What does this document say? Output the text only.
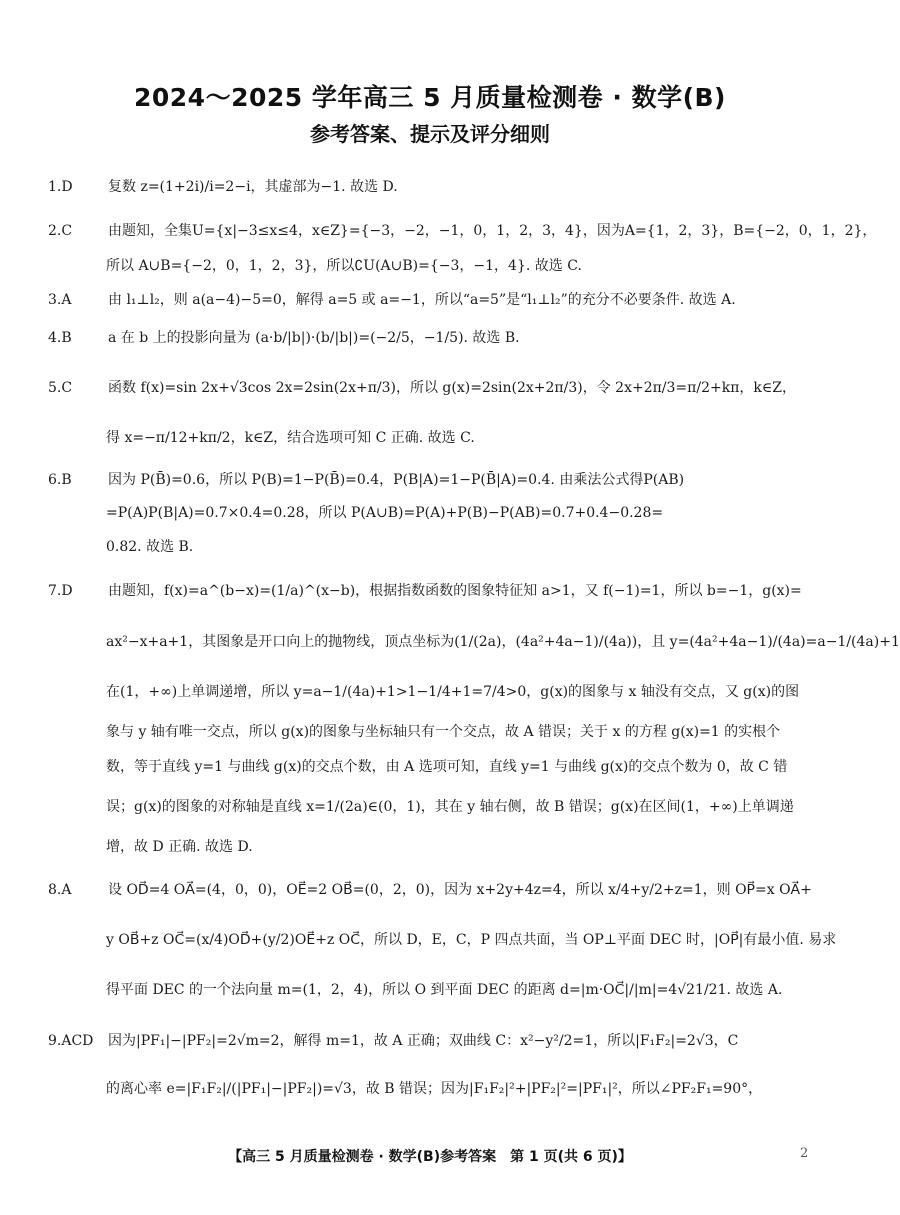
2024～2025 学年高三 5 月质量检测卷 · 数学(B)
参考答案、提示及评分细则
1.D	复数 z=(1+2i)/i=2−i，其虚部为−1. 故选 D.
2.C	由题知，全集U={x|−3≤x≤4，x∈Z}={−3，−2，−1，0，1，2，3，4}，因为A={1，2，3}，B={−2，0，1，2}，
所以 A∪B={−2，0，1，2，3}，所以∁U(A∪B)={−3，−1，4}. 故选 C.
3.A	由 l₁⊥l₂，则 a(a−4)−5=0，解得 a=5 或 a=−1，所以“a=5”是“l₁⊥l₂”的充分不必要条件. 故选 A.
4.B	a 在 b 上的投影向量为 (a·b/|b|)·(b/|b|)=(−2/5，−1/5). 故选 B.
5.C	函数 f(x)=sin 2x+√3cos 2x=2sin(2x+π/3)，所以 g(x)=2sin(2x+2π/3)，令 2x+2π/3=π/2+kπ，k∈Z，
得 x=−π/12+kπ/2，k∈Z，结合选项可知 C 正确. 故选 C.
6.B	因为 P(B̄)=0.6，所以 P(B)=1−P(B̄)=0.4，P(B|A)=1−P(B̄|A)=0.4. 由乘法公式得P(AB)
=P(A)P(B|A)=0.7×0.4=0.28，所以 P(A∪B)=P(A)+P(B)−P(AB)=0.7+0.4−0.28=
0.82. 故选 B.
7.D	由题知，f(x)=a^(b−x)=(1/a)^(x−b)，根据指数函数的图象特征知 a>1，又 f(−1)=1，所以 b=−1，g(x)=
ax²−x+a+1，其图象是开口向上的抛物线，顶点坐标为(1/(2a)，(4a²+4a−1)/(4a))，且 y=(4a²+4a−1)/(4a)=a−1/(4a)+1
在(1，+∞)上单调递增，所以 y=a−1/(4a)+1>1−1/4+1=7/4>0，g(x)的图象与 x 轴没有交点，又 g(x)的图
象与 y 轴有唯一交点，所以 g(x)的图象与坐标轴只有一个交点，故 A 错误；关于 x 的方程 g(x)=1 的实根个
数，等于直线 y=1 与曲线 g(x)的交点个数，由 A 选项可知，直线 y=1 与曲线 g(x)的交点个数为 0，故 C 错
误；g(x)的图象的对称轴是直线 x=1/(2a)∈(0，1)，其在 y 轴右侧，故 B 错误；g(x)在区间(1，+∞)上单调递
增，故 D 正确. 故选 D.
8.A	设 OD⃗=4 OA⃗=(4，0，0)，OE⃗=2 OB⃗=(0，2，0)，因为 x+2y+4z=4，所以 x/4+y/2+z=1，则 OP⃗=x OA⃗+
y OB⃗+z OC⃗=(x/4)OD⃗+(y/2)OE⃗+z OC⃗，所以 D，E，C，P 四点共面，当 OP⊥平面 DEC 时，|OP⃗|有最小值. 易求
得平面 DEC 的一个法向量 m=(1，2，4)，所以 O 到平面 DEC 的距离 d=|m·OC⃗|/|m|=4√21/21. 故选 A.
9.ACD	因为|PF₁|−|PF₂|=2√m=2，解得 m=1，故 A 正确；双曲线 C：x²−y²/2=1，所以|F₁F₂|=2√3，C
的离心率 e=|F₁F₂|/(|PF₁|−|PF₂|)=√3，故 B 错误；因为|F₁F₂|²+|PF₂|²=|PF₁|²，所以∠PF₂F₁=90°，
【高三 5 月质量检测卷 · 数学(B)参考答案　第 1 页(共 6 页)】	2
